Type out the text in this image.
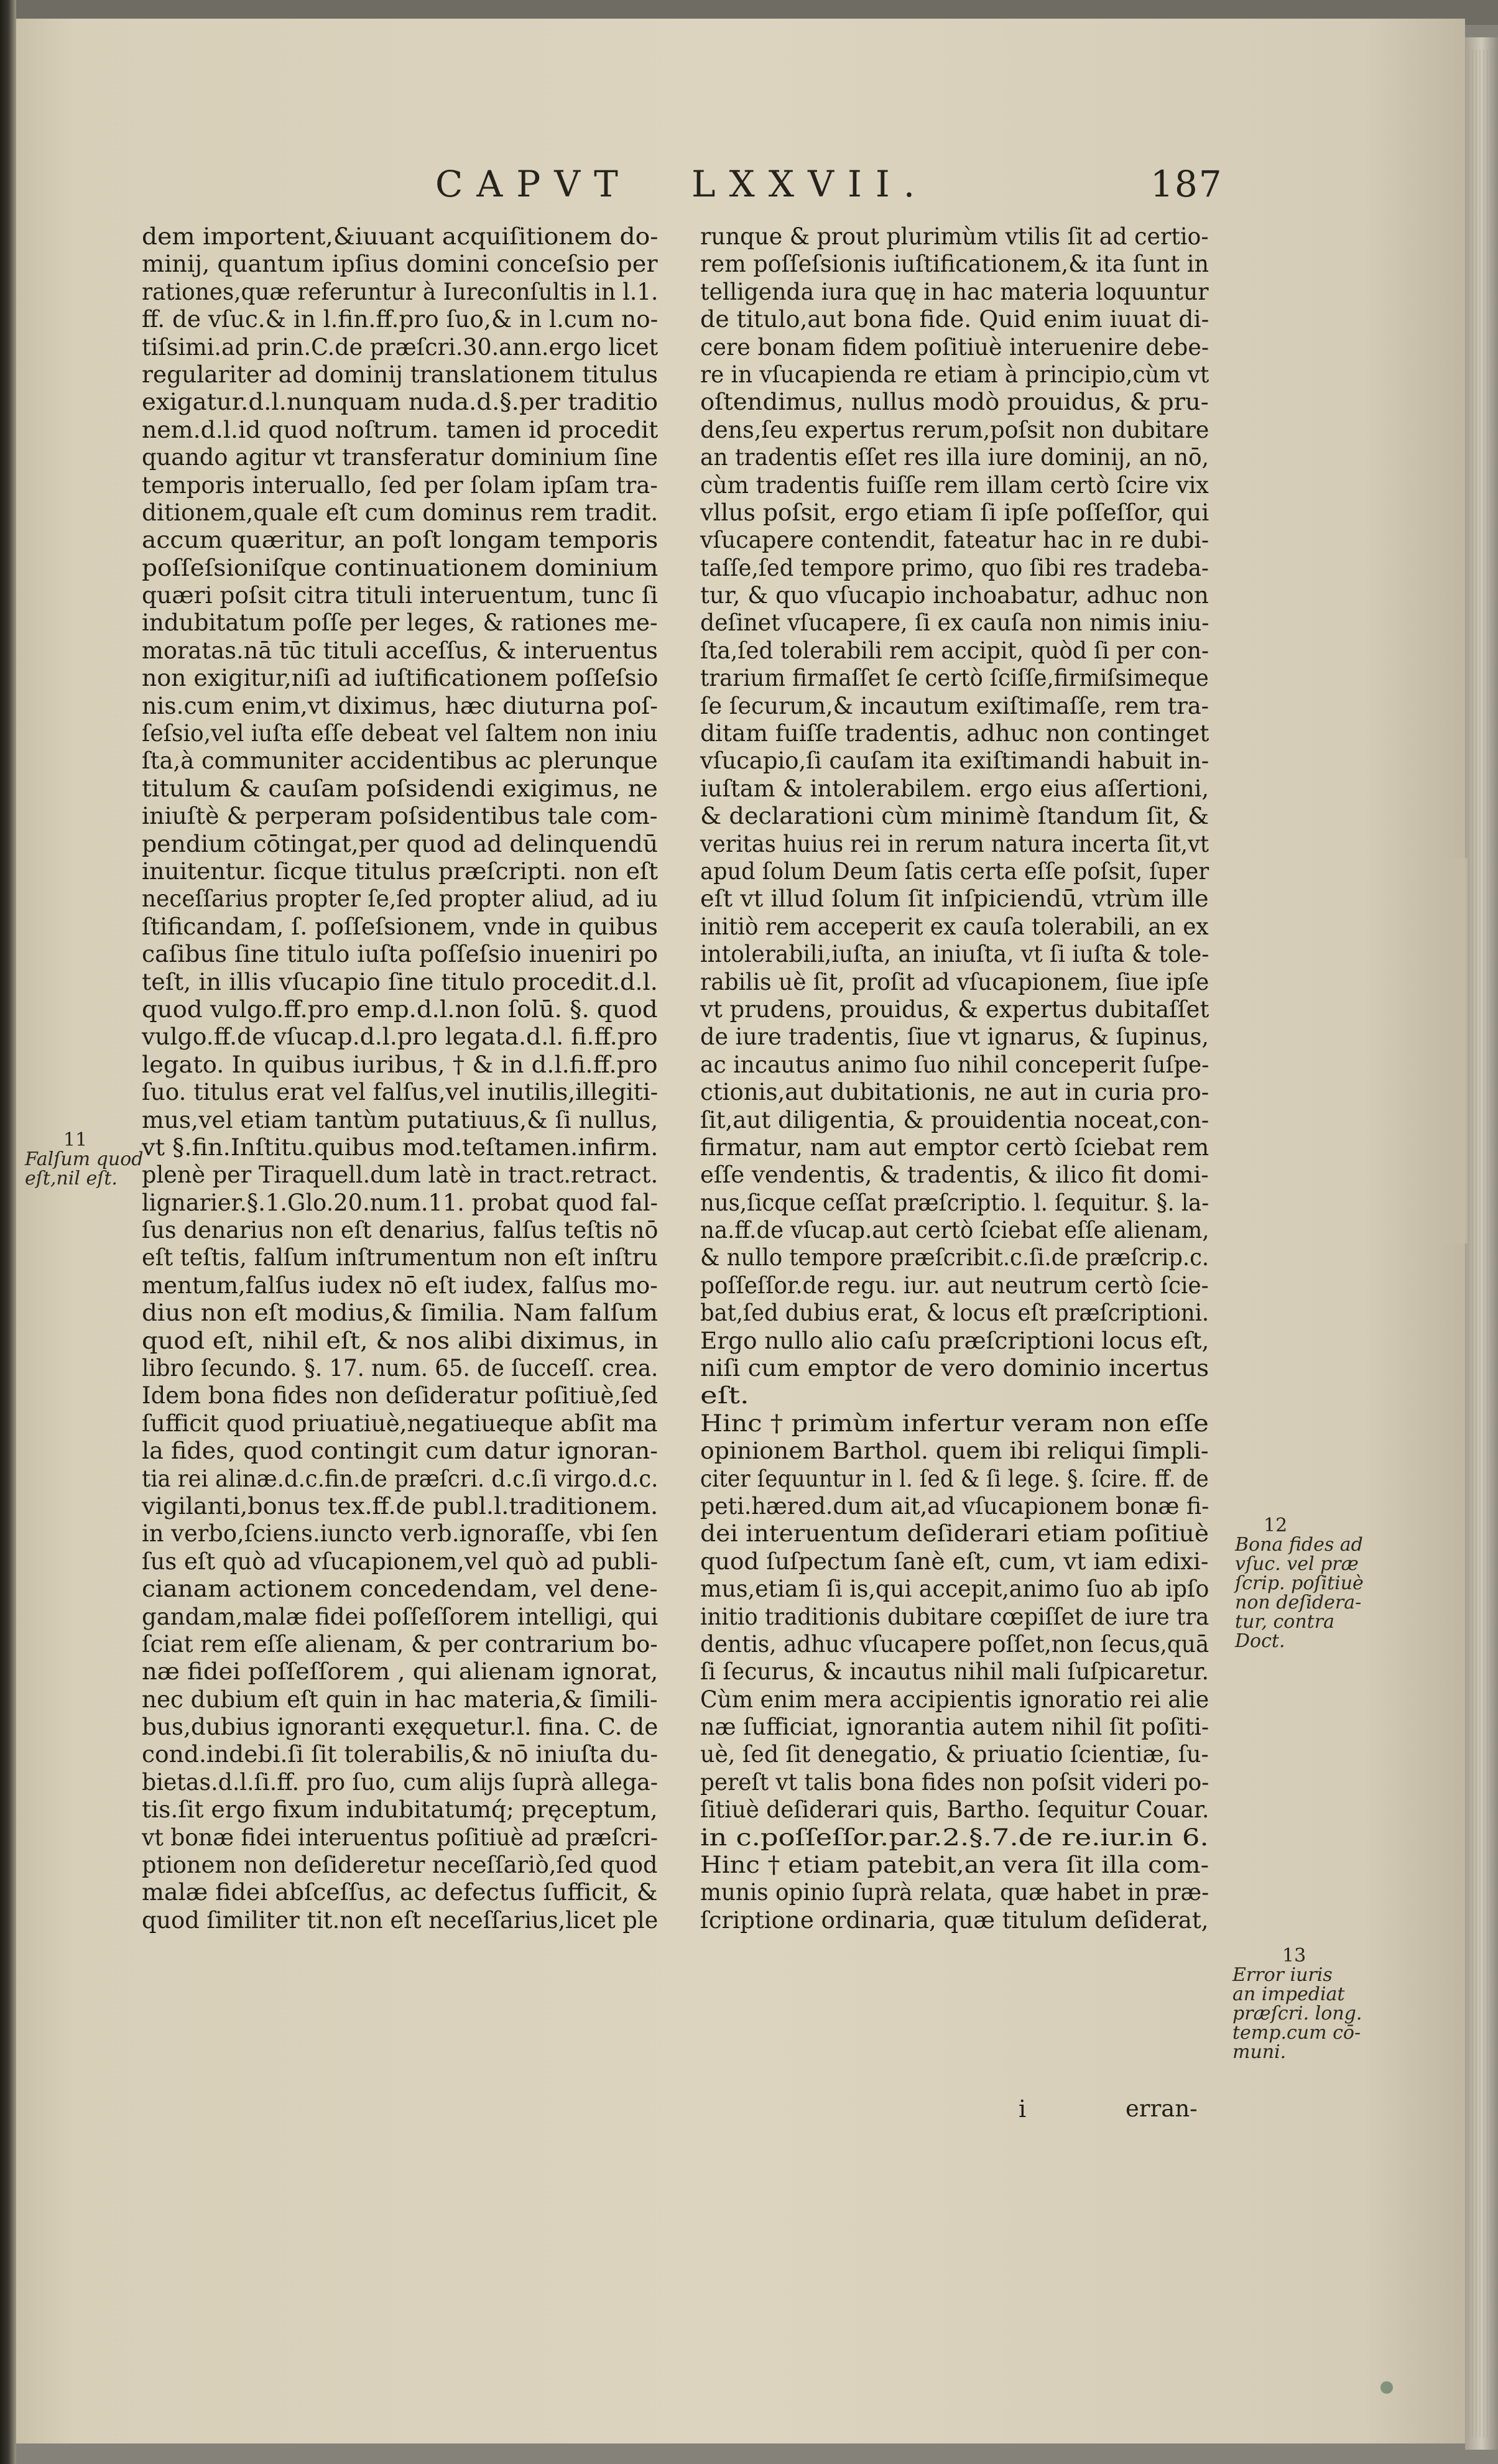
CAPVT LXXVII.	187
dem importent,&iuuant acquiſitionem do-
minij, quantum ipſius domini conceſsio per
rationes,quæ referuntur à Iureconſultis in l.1.
ff. de vſuc.& in l.fin.ff.pro ſuo,& in l.cum no-
tiſsimi.ad prin.C.de præſcri.30.ann.ergo licet
regulariter ad dominij translationem titulus
exigatur.d.l.nunquam nuda.d.§.per traditio
nem.d.l.id quod noſtrum. tamen id procedit
quando agitur vt transferatur dominium ſine
temporis interuallo, ſed per ſolam ipſam tra-
ditionem,quale eſt cum dominus rem tradit.
accum quæritur, an poſt longam temporis
poſſeſsioniſque continuationem dominium
quæri poſsit citra tituli interuentum, tunc ſi
indubitatum poſſe per leges, & rationes me-
moratas.nā tūc tituli acceſſus, & interuentus
non exigitur,niſi ad iuſtificationem poſſeſsio
nis.cum enim,vt diximus, hæc diuturna poſ-
ſeſsio,vel iuſta eſſe debeat vel ſaltem non iniu
ſta,à communiter accidentibus ac plerunque
titulum & cauſam poſsidendi exigimus, ne
iniuſtè & perperam poſsidentibus tale com-
pendium cōtingat,per quod ad delinquendū
inuitentur. ſicque titulus præſcripti. non eſt
neceſſarius propter ſe,ſed propter aliud, ad iu
ſtificandam, ſ. poſſeſsionem, vnde in quibus
caſibus ſine titulo iuſta poſſeſsio inueniri po
teſt, in illis vſucapio ſine titulo procedit.d.l.
quod vulgo.ff.pro emp.d.l.non ſolū. §. quod
vulgo.ff.de vſucap.d.l.pro legata.d.l. fi.ff.pro
legato. In quibus iuribus, † & in d.l.fi.ff.pro
ſuo. titulus erat vel falſus,vel inutilis,illegiti-
mus,vel etiam tantùm putatiuus,& ſi nullus,
vt §.fin.Inſtitu.quibus mod.teſtamen.infirm.
plenè per Tiraquell.dum latè in tract.retract.
lignarier.§.1.Glo.20.num.11. probat quod fal-
ſus denarius non eſt denarius, falſus teſtis nō
eſt teſtis, falſum inſtrumentum non eſt inſtru
mentum,falſus iudex nō eſt iudex, falſus mo-
dius non eſt modius,& ſimilia. Nam falſum
quod eſt, nihil eſt, & nos alibi diximus, in
libro ſecundo. §. 17. num. 65. de ſucceſſ. crea.
Idem bona fides non deſideratur poſitiuè,ſed
ſufficit quod priuatiuè,negatiueque abſit ma
la fides, quod contingit cum datur ignoran-
tia rei alinæ.d.c.fin.de præſcri. d.c.ſi virgo.d.c.
vigilanti,bonus tex.ff.de publ.l.traditionem.
in verbo,ſciens.iuncto verb.ignoraſſe, vbi ſen
ſus eſt quò ad vſucapionem,vel quò ad publi-
cianam actionem concedendam, vel dene-
gandam,malæ fidei poſſeſſorem intelligi, qui
ſciat rem eſſe alienam, & per contrarium bo-
næ fidei poſſeſſorem , qui alienam ignorat,
nec dubium eſt quin in hac materia,& ſimili-
bus,dubius ignoranti exęquetur.l. fina. C. de
cond.indebi.ſi ſit tolerabilis,& nō iniuſta du-
bietas.d.l.ſi.ff. pro ſuo, cum alijs ſuprà allega-
tis.ſit ergo fixum indubitatumq́; pręceptum,
vt bonæ fidei interuentus poſitiuè ad præſcri-
ptionem non deſideretur neceſſariò,ſed quod
malæ fidei abſceſſus, ac defectus ſufficit, &
quod ſimiliter tit.non eſt neceſſarius,licet ple
runque & prout plurimùm vtilis ſit ad certio-
rem poſſeſsionis iuſtificationem,& ita ſunt in
telligenda iura quę in hac materia loquuntur
de titulo,aut bona fide. Quid enim iuuat di-
cere bonam fidem poſitiuè interuenire debe-
re in vſucapienda re etiam à principio,cùm vt
oſtendimus, nullus modò prouidus, & pru-
dens,ſeu expertus rerum,poſsit non dubitare
an tradentis eſſet res illa iure dominij, an nō,
cùm tradentis fuiſſe rem illam certò ſcire vix
vllus poſsit, ergo etiam ſi ipſe poſſeſſor, qui
vſucapere contendit, fateatur hac in re dubi-
taſſe,ſed tempore primo, quo ſibi res tradeba-
tur, & quo vſucapio inchoabatur, adhuc non
deſinet vſucapere, ſi ex cauſa non nimis iniu-
ſta,ſed tolerabili rem accipit, quòd ſi per con-
trarium firmaſſet ſe certò ſciſſe,firmiſsimeque
ſe ſecurum,& incautum exiſtimaſſe, rem tra-
ditam fuiſſe tradentis, adhuc non continget
vſucapio,ſi cauſam ita exiſtimandi habuit in-
iuſtam & intolerabilem. ergo eius aſſertioni,
& declarationi cùm minimè ſtandum ſit, &
veritas huius rei in rerum natura incerta ſit,vt
apud ſolum Deum ſatis certa eſſe poſsit, ſuper
eſt vt illud ſolum ſit inſpiciendū, vtrùm ille
initiò rem acceperit ex cauſa tolerabili, an ex
intolerabili,iuſta, an iniuſta, vt ſi iuſta & tole-
rabilis uè ſit, proſit ad vſucapionem, ſiue ipſe
vt prudens, prouidus, & expertus dubitaſſet
de iure tradentis, ſiue vt ignarus, & ſupinus,
ac incautus animo ſuo nihil conceperit ſuſpe-
ctionis,aut dubitationis, ne aut in curia pro-
ſit,aut diligentia, & prouidentia noceat,con-
firmatur, nam aut emptor certò ſciebat rem
eſſe vendentis, & tradentis, & ilico fit domi-
nus,ſicque ceſſat præſcriptio. l. ſequitur. §. la-
na.ff.de vſucap.aut certò ſciebat eſſe alienam,
& nullo tempore præſcribit.c.ſi.de præſcrip.c.
poſſeſſor.de regu. iur. aut neutrum certò ſcie-
bat,ſed dubius erat, & locus eſt præſcriptioni.
Ergo nullo alio caſu præſcriptioni locus eſt,
niſi cum emptor de vero dominio incertus
eſt.
Hinc † primùm infertur veram non eſſe
opinionem Barthol. quem ibi reliqui ſimpli-
citer ſequuntur in l. ſed & ſi lege. §. ſcire. ff. de
peti.hæred.dum ait,ad vſucapionem bonæ fi-
dei interuentum deſiderari etiam poſitiuè
quod ſuſpectum ſanè eſt, cum, vt iam edixi-
mus,etiam ſi is,qui accepit,animo ſuo ab ipſo
initio traditionis dubitare cœpiſſet de iure tra
dentis, adhuc vſucapere poſſet,non ſecus,quā
ſi ſecurus, & incautus nihil mali ſuſpicaretur.
Cùm enim mera accipientis ignoratio rei alie
næ ſufficiat, ignorantia autem nihil ſit poſiti-
uè, ſed ſit denegatio, & priuatio ſcientiæ, ſu-
pereſt vt talis bona fides non poſsit videri po-
ſitiuè deſiderari quis, Bartho. ſequitur Couar.
in c.poſſeſſor.par.2.§.7.de re.iur.in 6.
Hinc † etiam patebit,an vera ſit illa com-
munis opinio ſuprà relata, quæ habet in præ-
ſcriptione ordinaria, quæ titulum deſiderat,
11
Falſum quod
eſt,nil eſt.
12
Bona fides ad
vſuc. vel præ
ſcrip. poſitiuè
non deſidera-
tur, contra
Doct.
13
Error iuris
an impediat
præſcri. long.
temp.cum cō-
muni.
i	erran-
